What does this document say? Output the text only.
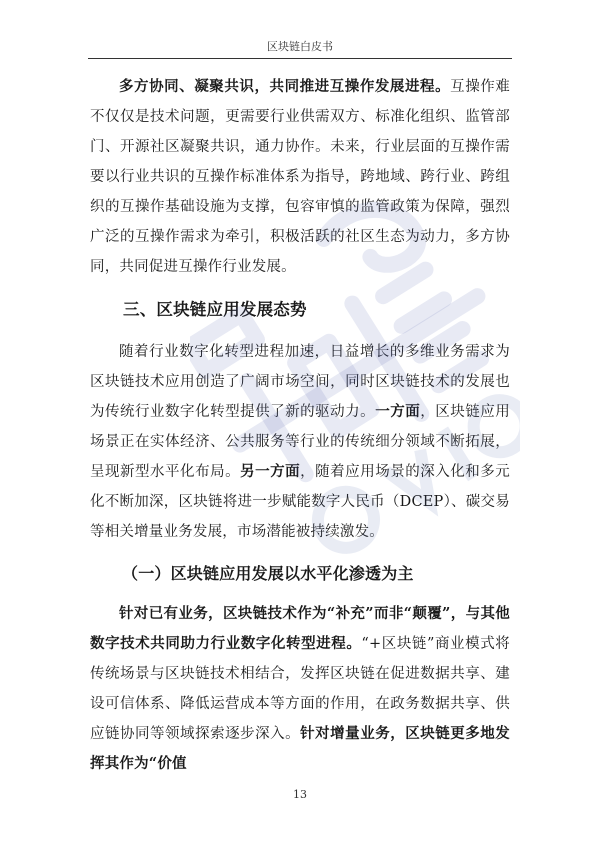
区块链白皮书

多方协同、凝聚共识，共同推进互操作发展进程。互操作难不仅仅是技术问题，更需要行业供需双方、标准化组织、监管部门、开源社区凝聚共识，通力协作。未来，行业层面的互操作需要以行业共识的互操作标准体系为指导，跨地域、跨行业、跨组织的互操作基础设施为支撑，包容审慎的监管政策为保障，强烈广泛的互操作需求为牵引，积极活跃的社区生态为动力，多方协同，共同促进互操作行业发展。

三、区块链应用发展态势

随着行业数字化转型进程加速，日益增长的多维业务需求为区块链技术应用创造了广阔市场空间，同时区块链技术的发展也为传统行业数字化转型提供了新的驱动力。一方面，区块链应用场景正在实体经济、公共服务等行业的传统细分领域不断拓展，呈现新型水平化布局。另一方面，随着应用场景的深入化和多元化不断加深，区块链将进一步赋能数字人民币（DCEP）、碳交易等相关增量业务发展，市场潜能被持续激发。

（一）区块链应用发展以水平化渗透为主

针对已有业务，区块链技术作为“补充”而非“颠覆”，与其他数字技术共同助力行业数字化转型进程。“+区块链”商业模式将传统场景与区块链技术相结合，发挥区块链在促进数据共享、建设可信体系、降低运营成本等方面的作用，在政务数据共享、供应链协同等领域探索逐步深入。针对增量业务，区块链更多地发挥其作为“价值

13
